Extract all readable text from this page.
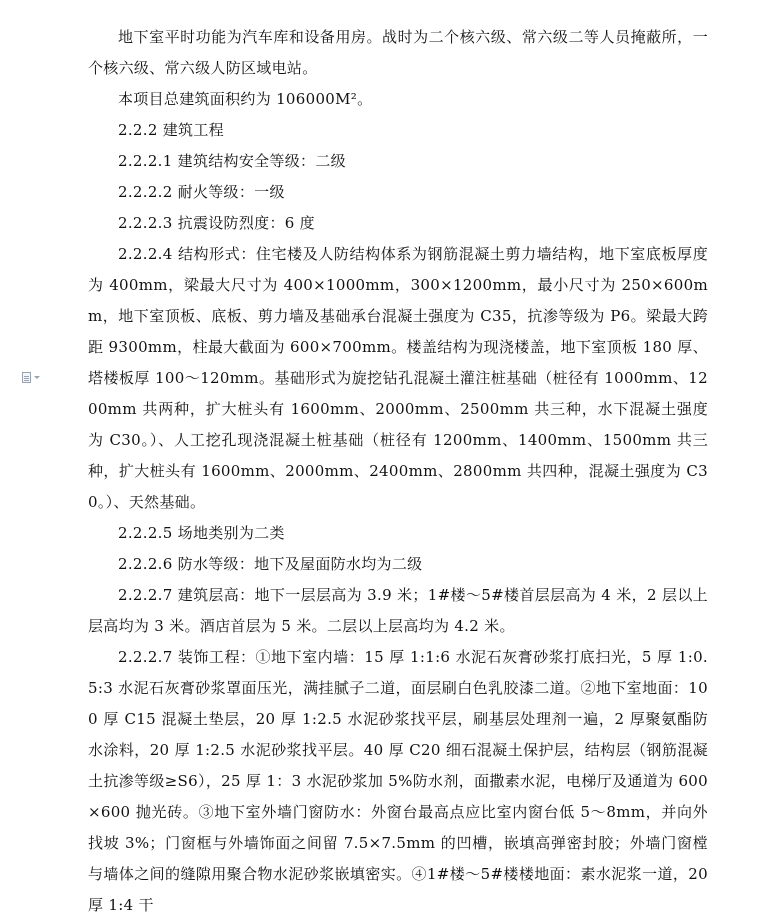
地下室平时功能为汽车库和设备用房。战时为二个核六级、常六级二等人员掩蔽所，一个核六级、常六级人防区域电站。

本项目总建筑面积约为 106000M²。

2.2.2 建筑工程

2.2.2.1 建筑结构安全等级：二级

2.2.2.2 耐火等级：一级

2.2.2.3 抗震设防烈度：6 度

2.2.2.4 结构形式：住宅楼及人防结构体系为钢筋混凝土剪力墙结构，地下室底板厚度为 400mm，梁最大尺寸为 400×1000mm，300×1200mm，最小尺寸为 250×600mm，地下室顶板、底板、剪力墙及基础承台混凝土强度为 C35，抗渗等级为 P6。梁最大跨距 9300mm，柱最大截面为 600×700mm。楼盖结构为现浇楼盖，地下室顶板 180 厚、塔楼板厚 100～120mm。基础形式为旋挖钻孔混凝土灌注桩基础（桩径有 1000mm、1200mm 共两种，扩大桩头有 1600mm、2000mm、2500mm 共三种，水下混凝土强度为 C30。）、人工挖孔现浇混凝土桩基础（桩径有 1200mm、1400mm、1500mm 共三种，扩大桩头有 1600mm、2000mm、2400mm、2800mm 共四种，混凝土强度为 C30。）、天然基础。

2.2.2.5 场地类别为二类

2.2.2.6 防水等级：地下及屋面防水均为二级

2.2.2.7 建筑层高：地下一层层高为 3.9 米；1#楼～5#楼首层层高为 4 米，2 层以上层高均为 3 米。酒店首层为 5 米。二层以上层高均为 4.2 米。

2.2.2.7 装饰工程：①地下室内墙：15 厚 1:1:6 水泥石灰膏砂浆打底扫光，5 厚 1:0.5:3 水泥石灰膏砂浆罩面压光，满挂腻子二道，面层刷白色乳胶漆二道。②地下室地面：100 厚 C15 混凝土垫层，20 厚 1:2.5 水泥砂浆找平层，刷基层处理剂一遍，2 厚聚氨酯防水涂料，20 厚 1:2.5 水泥砂浆找平层。40 厚 C20 细石混凝土保护层，结构层（钢筋混凝土抗渗等级≥S6），25 厚 1：3 水泥砂浆加 5%防水剂，面撒素水泥，电梯厅及通道为 600×600 抛光砖。③地下室外墙门窗防水：外窗台最高点应比室内窗台低 5～8mm，并向外找坡 3%；门窗框与外墙饰面之间留 7.5×7.5mm 的凹槽，嵌填高弹密封胶；外墙门窗樘与墙体之间的缝隙用聚合物水泥砂浆嵌填密实。④1#楼～5#楼楼地面：素水泥浆一道，20 厚 1:4 干
